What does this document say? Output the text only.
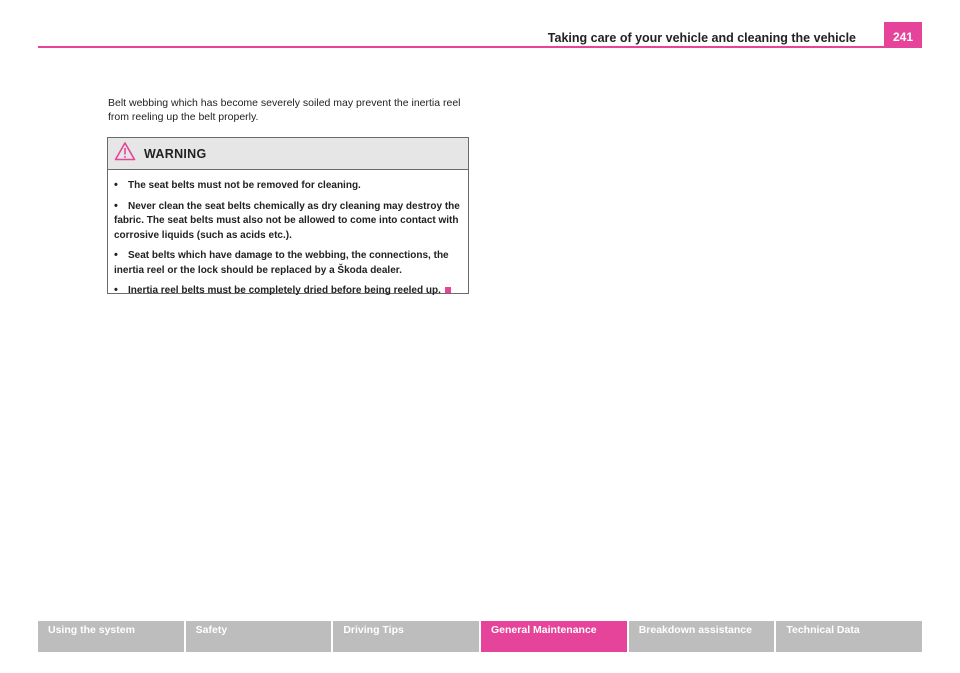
Taking care of your vehicle and cleaning the vehicle	241

Belt webbing which has become severely soiled may prevent the inertia reel from reeling up the belt properly.

WARNING
• The seat belts must not be removed for cleaning.
• Never clean the seat belts chemically as dry cleaning may destroy the fabric. The seat belts must also not be allowed to come into contact with corrosive liquids (such as acids etc.).
• Seat belts which have damage to the webbing, the connections, the inertia reel or the lock should be replaced by a Škoda dealer.
• Inertia reel belts must be completely dried before being reeled up.
Using the system	Safety	Driving Tips	General Maintenance	Breakdown assistance	Technical Data
